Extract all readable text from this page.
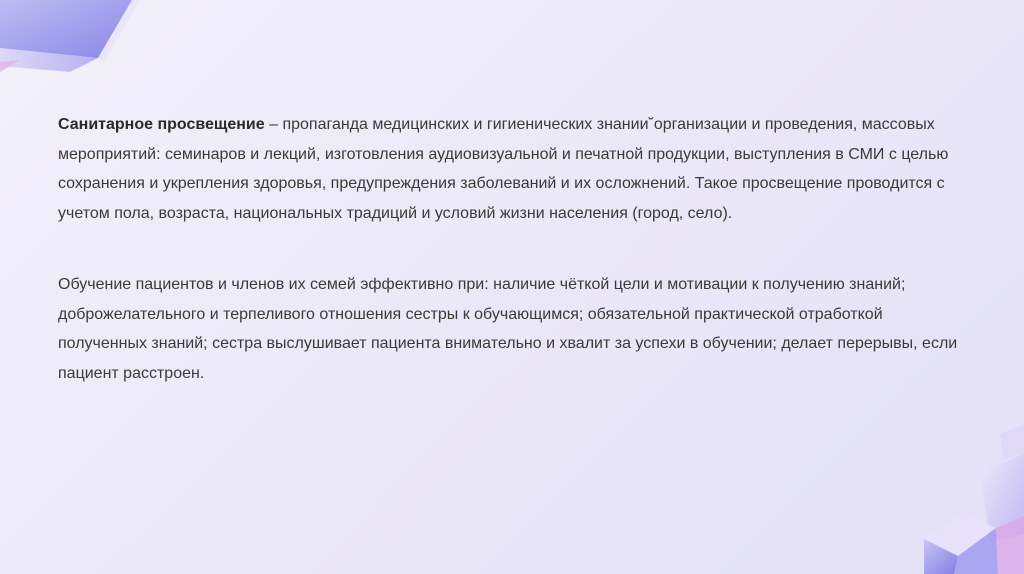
Санитарное просвещение – пропаганда медицинских и гигиенических знании˘организации и проведения, массовых мероприятий: семинаров и лекций, изготовления аудиовизуальной и печатной продукции, выступления в СМИ с целью сохранения и укрепления здоровья, предупреждения заболеваний и их осложнений. Такое просвещение проводится с учетом пола, возраста, национальных традиций и условий жизни населения (город, село).

Обучение пациентов и членов их семей эффективно при: наличие чёткой цели и мотивации к получению знаний; доброжелательного и терпеливого отношения сестры к обучающимся; обязательной практической отработкой полученных знаний; сестра выслушивает пациента внимательно и хвалит за успехи в обучении; делает перерывы, если пациент расстроен.
